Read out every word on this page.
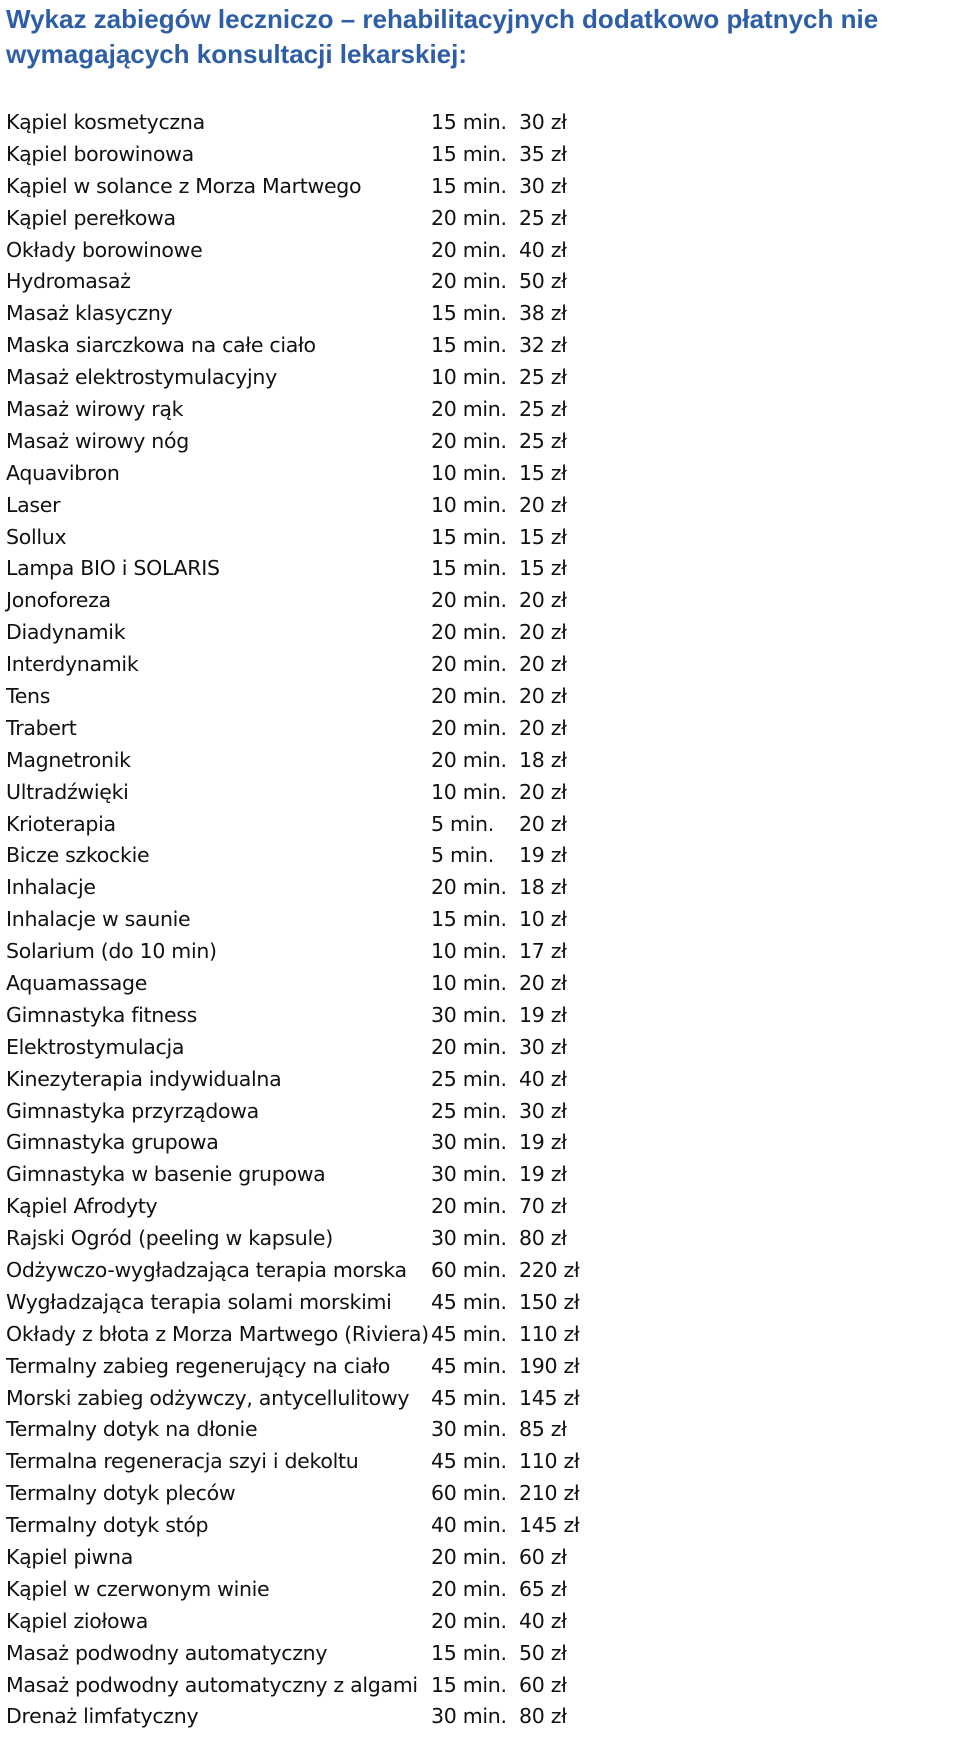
Wykaz zabiegów leczniczo – rehabilitacyjnych dodatkowo płatnych nie wymagających konsultacji lekarskiej:
Kąpiel kosmetyczna	15 min. 30 zł
Kąpiel borowinowa	15 min. 35 zł
Kąpiel w solance z Morza Martwego	15 min. 30 zł
Kąpiel perełkowa	20 min. 25 zł
Okłady borowinowe	20 min. 40 zł
Hydromasaż	20 min. 50 zł
Masaż klasyczny	15 min. 38 zł
Maska siarczkowa na całe ciało	15 min. 32 zł
Masaż elektrostymulacyjny	10 min. 25 zł
Masaż wirowy rąk	20 min. 25 zł
Masaż wirowy nóg	20 min. 25 zł
Aquavibron	10 min. 15 zł
Laser	10 min. 20 zł
Sollux	15 min. 15 zł
Lampa BIO i SOLARIS	15 min. 15 zł
Jonoforeza	20 min. 20 zł
Diadynamik	20 min. 20 zł
Interdynamik	20 min. 20 zł
Tens	20 min. 20 zł
Trabert	20 min. 20 zł
Magnetronik	20 min. 18 zł
Ultradźwięki	10 min. 20 zł
Krioterapia	5 min.	20 zł
Bicze szkockie	5 min.	19 zł
Inhalacje	20 min. 18 zł
Inhalacje w saunie	15 min. 10 zł
Solarium (do 10 min)	10 min. 17 zł
Aquamassage	10 min. 20 zł
Gimnastyka fitness	30 min. 19 zł
Elektrostymulacja	20 min. 30 zł
Kinezyterapia indywidualna	25 min. 40 zł
Gimnastyka przyrządowa	25 min. 30 zł
Gimnastyka grupowa	30 min. 19 zł
Gimnastyka w basenie grupowa	30 min. 19 zł
Kąpiel Afrodyty	20 min. 70 zł
Rajski Ogród (peeling w kapsule)	30 min. 80 zł
Odżywczo-wygładzająca terapia morska	60 min. 220 zł
Wygładzająca terapia solami morskimi	45 min. 150 zł
Okłady z błota z Morza Martwego (Riviera) 45 min. 110 zł
Termalny zabieg regenerujący na ciało	45 min. 190 zł
Morski zabieg odżywczy, antycellulitowy	45 min. 145 zł
Termalny dotyk na dłonie	30 min. 85 zł
Termalna regeneracja szyi i dekoltu	45 min. 110 zł
Termalny dotyk pleców	60 min. 210 zł
Termalny dotyk stóp	40 min. 145 zł
Kąpiel piwna	20 min. 60 zł
Kąpiel w czerwonym winie	20 min. 65 zł
Kąpiel ziołowa	20 min. 40 zł
Masaż podwodny automatyczny	15 min. 50 zł
Masaż podwodny automatyczny z algami 15 min. 60 zł
Drenaż limfatyczny	30 min. 80 zł
